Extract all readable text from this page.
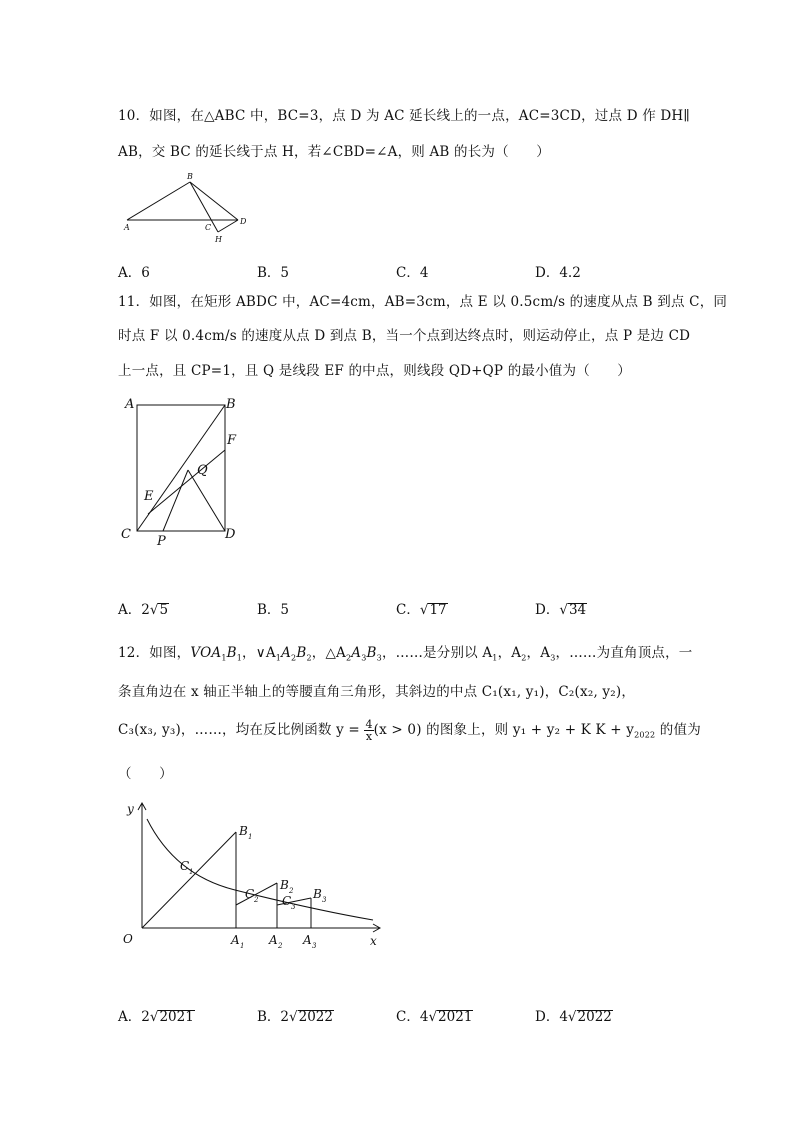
10．如图，在△ABC 中，BC=3，点 D 为 AC 延长线上的一点，AC=3CD，过点 D 作 DH∥
AB，交 BC 的延长线于点 H，若∠CBD=∠A，则 AB 的长为（　　）
B
A	C
D
H
A．6	B．5	C．4	D．4.2
11．如图，在矩形 ABDC 中，AC=4cm，AB=3cm，点 E 以 0.5cm/s 的速度从点 B 到点 C，同
时点 F 以 0.4cm/s 的速度从点 D 到点 B，当一个点到达终点时，则运动停止，点 P 是边 CD
上一点，且 CP=1，且 Q 是线段 EF 的中点，则线段 QD+QP 的最小值为（　　）
A	B
F
Q
E
C	D
P
A．2√5	B．5	C．√17	D．√34
12．如图，$VOA_1B_1$，$\vee A_1A_2B_2$，$\triangle A_2A_3B_3$，……是分别以 $A_1$，$A_2$，$A_3$，……为直角顶点，一
条直角边在 x 轴正半轴上的等腰直角三角形，其斜边的中点 C₁(x₁, y₁)，C₂(x₂, y₂)，
C₃(x₃, y₃)，……，均在反比例函数 $y = \frac{4}{x} (x > 0)$ 的图象上，则 y₁ + y₂ + K $K + y_{2022}$ 的值为
（　　）
y
x
O
B 1
C 1
C 2
B 2
C 3
B 3
A 1 A 2 A 3
A．2√2021	B．2√2022	C．4√2021	D．4√2022
